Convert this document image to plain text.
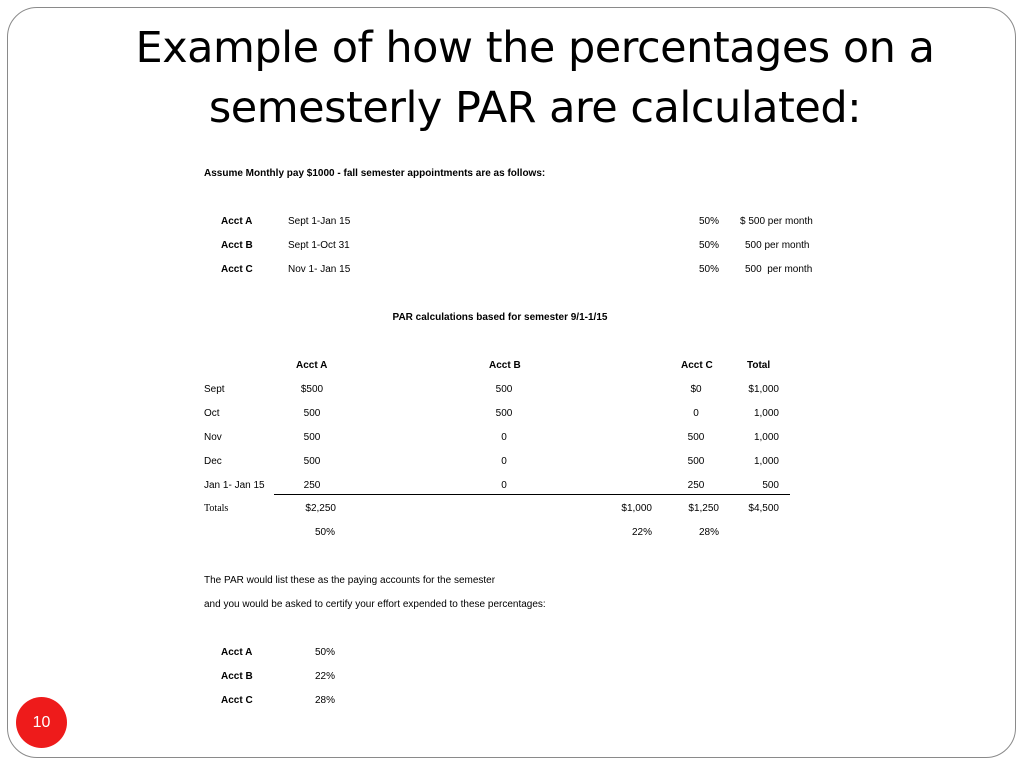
Example of how the percentages on a
semesterly PAR are calculated:
Assume Monthly pay $1000 - fall semester appointments are as follows:
Acct A	Sept 1-Jan 15	50% $ 500 per month
Acct B	Sept 1-Oct 31	50%	500 per month
Acct C	Nov 1- Jan 15	50%	500  per month
PAR calculations based for semester 9/1-1/15
Acct A	Acct B	Acct C	Total
Sept	$500	500	$0	$1,000
Oct	500	500	0	1,000
Nov	500	0	500	1,000
Dec	500	0	500	1,000
Jan 1- Jan 15	250	0	250	500
Totals	$2,250	$1,000	$1,250	$4,500
50%	22%	28%
The PAR would list these as the paying accounts for the semester
and you would be asked to certify your effort expended to these percentages:
Acct A	50%
Acct B	22%
Acct C	28%
10
